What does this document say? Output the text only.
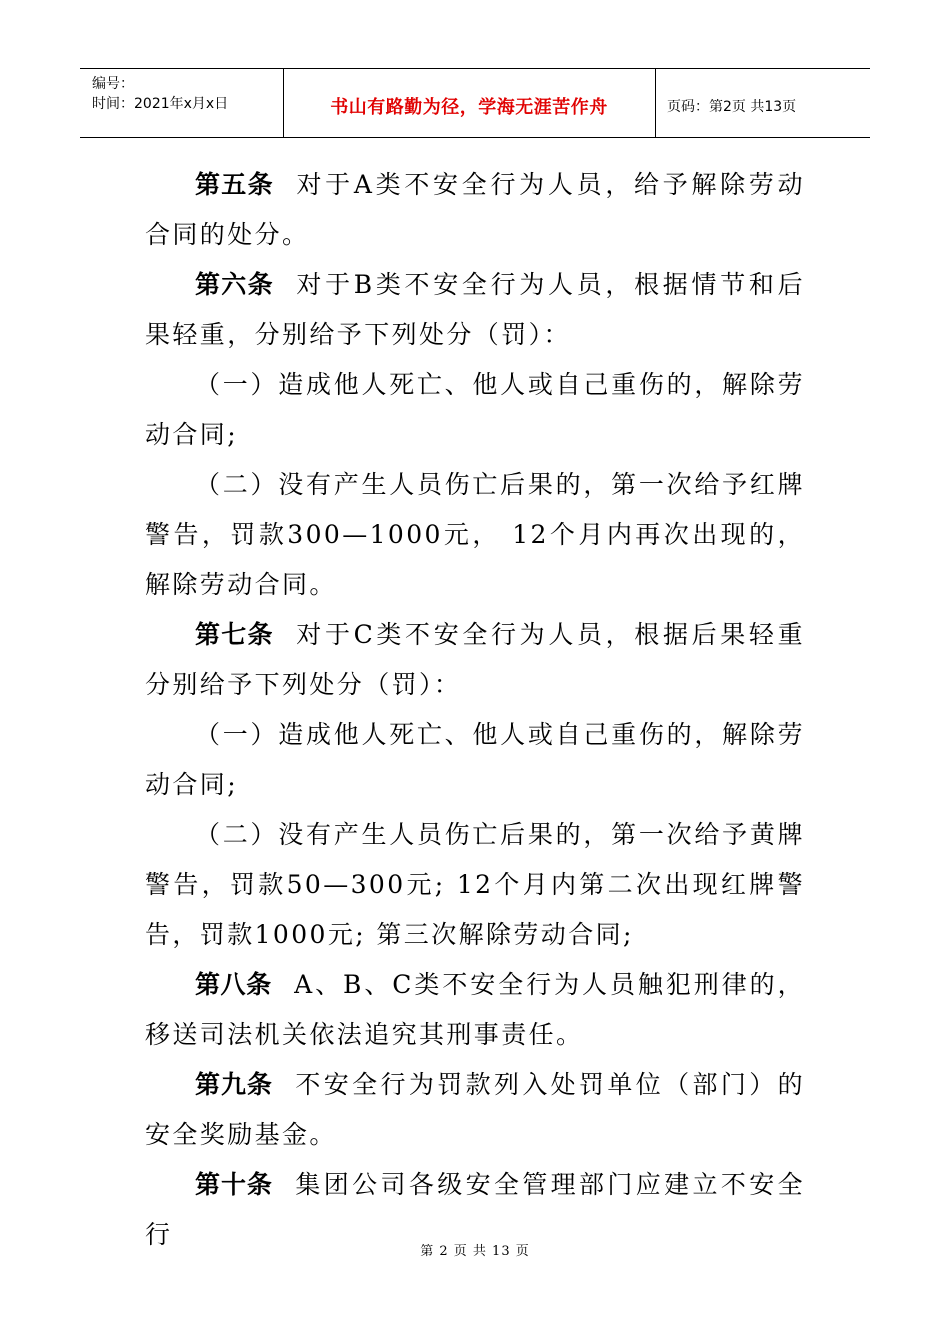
编号：
时间：2021年x月x日	书山有路勤为径，学海无涯苦作舟	页码：第2页 共13页

第五条 对于A类不安全行为人员，给予解除劳动合同的处分。

第六条 对于B类不安全行为人员，根据情节和后果轻重，分别给予下列处分（罚）：

（一）造成他人死亡、他人或自己重伤的，解除劳动合同;

（二）没有产生人员伤亡后果的，第一次给予红牌警告，罚款300—1000元， 12个月内再次出现的，解除劳动合同。

第七条 对于C类不安全行为人员，根据后果轻重分别给予下列处分（罚）：

（一）造成他人死亡、他人或自己重伤的，解除劳动合同;

（二）没有产生人员伤亡后果的，第一次给予黄牌警告，罚款50—300元; 12个月内第二次出现红牌警告，罚款1000元; 第三次解除劳动合同;

第八条 A、B、C类不安全行为人员触犯刑律的，移送司法机关依法追究其刑事责任。

第九条 不安全行为罚款列入处罚单位（部门）的安全奖励基金。

第十条 集团公司各级安全管理部门应建立不安全行

第 2 页 共 13 页
